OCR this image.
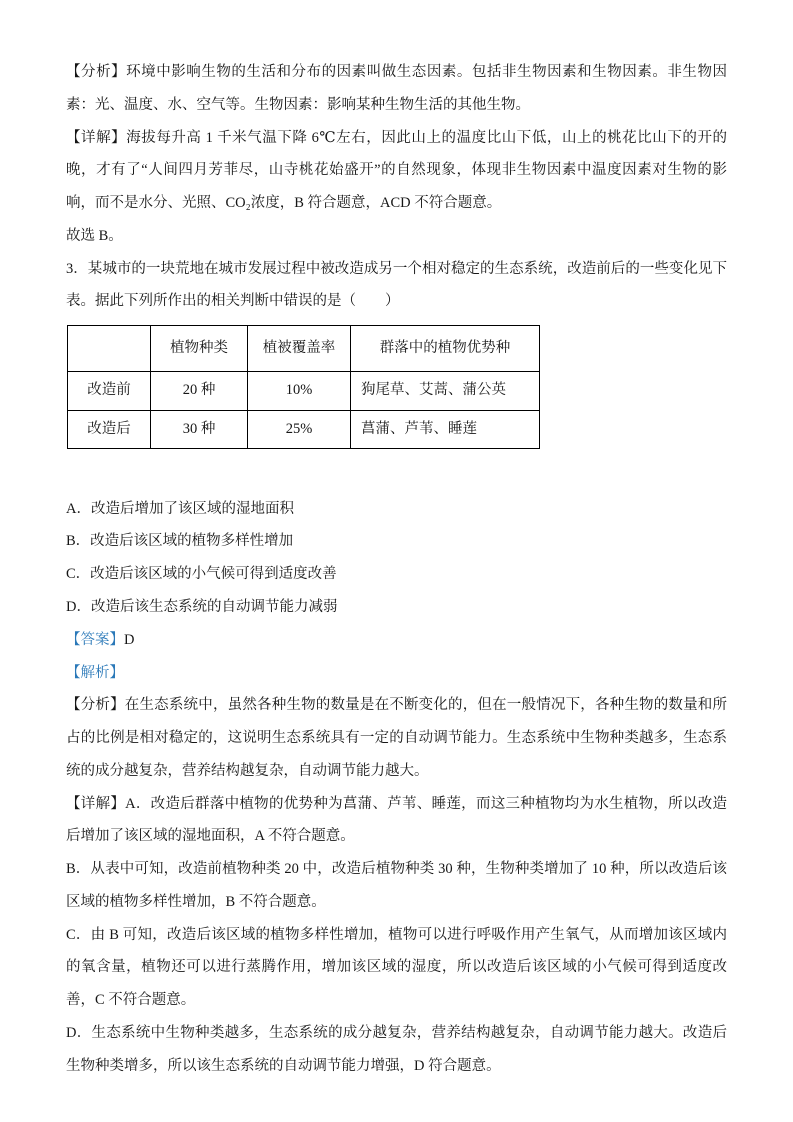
【分析】环境中影响生物的生活和分布的因素叫做生态因素。包括非生物因素和生物因素。非生物因素：光、温度、水、空气等。生物因素：影响某种生物生活的其他生物。

【详解】海拔每升高 1 千米气温下降 6℃左右，因此山上的温度比山下低，山上的桃花比山下的开的晚，才有了“人间四月芳菲尽，山寺桃花始盛开”的自然现象，体现非生物因素中温度因素对生物的影响，而不是水分、光照、CO₂浓度，B 符合题意，ACD 不符合题意。

故选 B。

3．某城市的一块荒地在城市发展过程中被改造成另一个相对稳定的生态系统，改造前后的一些变化见下表。据此下列所作出的相关判断中错误的是（　　）

	植物种类	植被覆盖率	群落中的植物优势种
改造前	20 种	10%	狗尾草、艾蒿、蒲公英
改造后	30 种	25%	菖蒲、芦苇、睡莲

A．改造后增加了该区域的湿地面积

B．改造后该区域的植物多样性增加

C．改造后该区域的小气候可得到适度改善

D．改造后该生态系统的自动调节能力减弱

【答案】D

【解析】

【分析】在生态系统中，虽然各种生物的数量是在不断变化的，但在一般情况下，各种生物的数量和所占的比例是相对稳定的，这说明生态系统具有一定的自动调节能力。生态系统中生物种类越多，生态系统的成分越复杂，营养结构越复杂，自动调节能力越大。

【详解】A．改造后群落中植物的优势种为菖蒲、芦苇、睡莲，而这三种植物均为水生植物，所以改造后增加了该区域的湿地面积，A 不符合题意。

B．从表中可知，改造前植物种类 20 中，改造后植物种类 30 种，生物种类增加了 10 种，所以改造后该区域的植物多样性增加，B 不符合题意。

C．由 B 可知，改造后该区域的植物多样性增加，植物可以进行呼吸作用产生氧气，从而增加该区域内的氧含量，植物还可以进行蒸腾作用，增加该区域的湿度，所以改造后该区域的小气候可得到适度改善，C 不符合题意。

D．生态系统中生物种类越多，生态系统的成分越复杂，营养结构越复杂，自动调节能力越大。改造后生物种类增多，所以该生态系统的自动调节能力增强，D 符合题意。
